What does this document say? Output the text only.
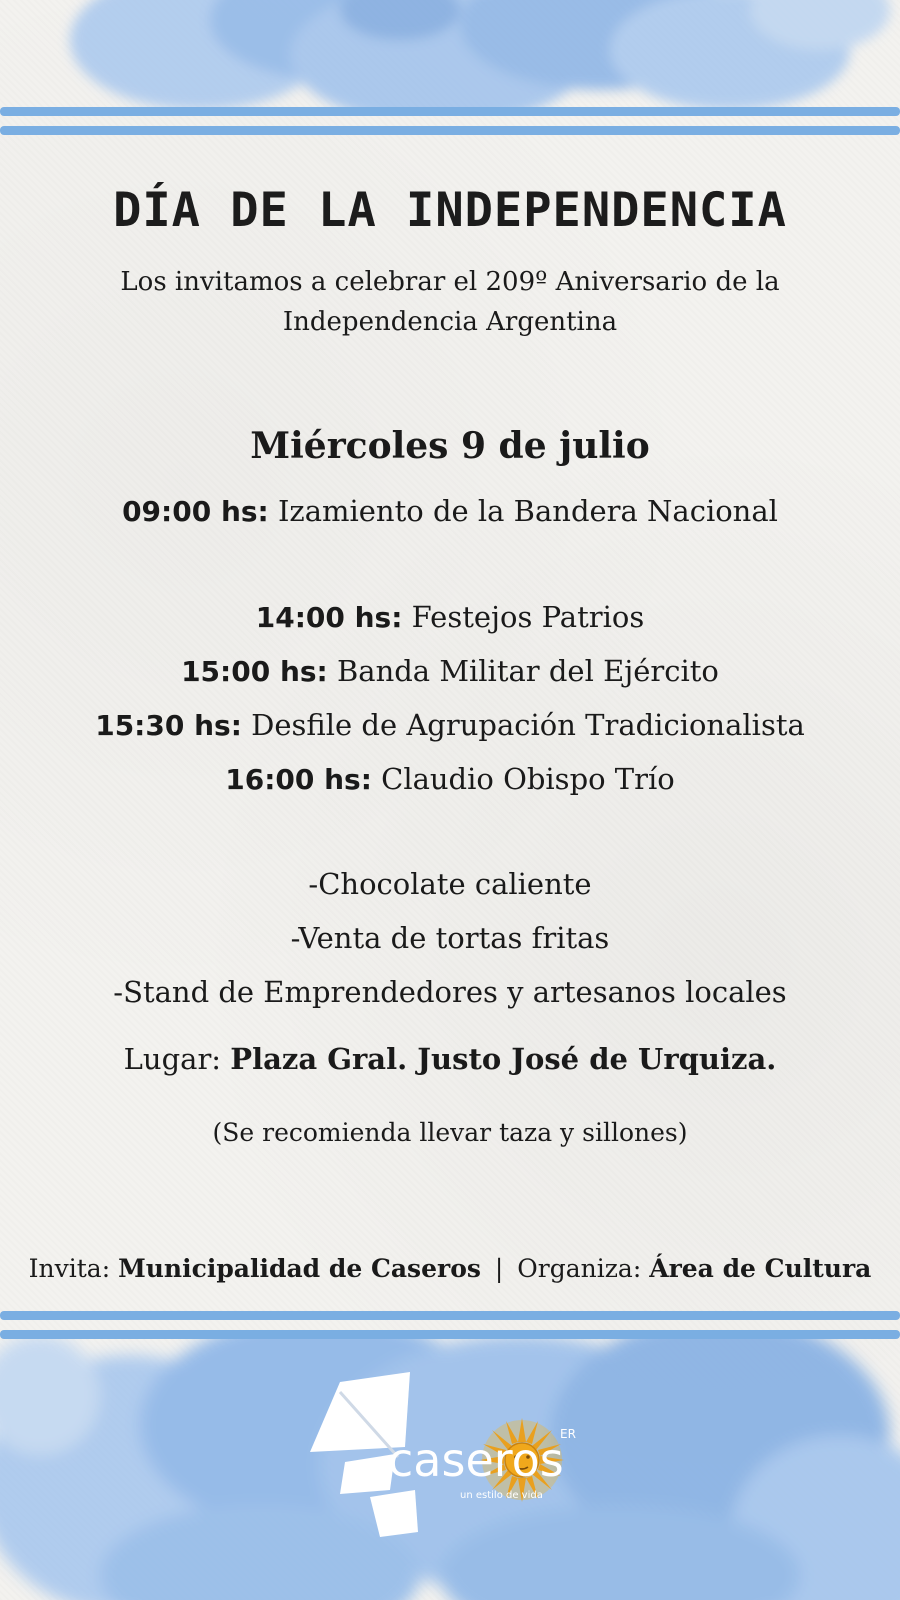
DÍA DE LA INDEPENDENCIA
Los invitamos a celebrar el 209º Aniversario de la Independencia Argentina
Miércoles 9 de julio
09:00 hs: Izamiento de la Bandera Nacional
14:00 hs: Festejos Patrios
15:00 hs: Banda Militar del Ejército
15:30 hs: Desfile de Agrupación Tradicionalista
16:00 hs: Claudio Obispo Trío
-Chocolate caliente
-Venta de tortas fritas
-Stand de Emprendedores y artesanos locales
Lugar: Plaza Gral. Justo José de Urquiza.
(Se recomienda llevar taza y sillones)
Invita: Municipalidad de Caseros | Organiza: Área de Cultura
caseros
ER
un estilo de vida
